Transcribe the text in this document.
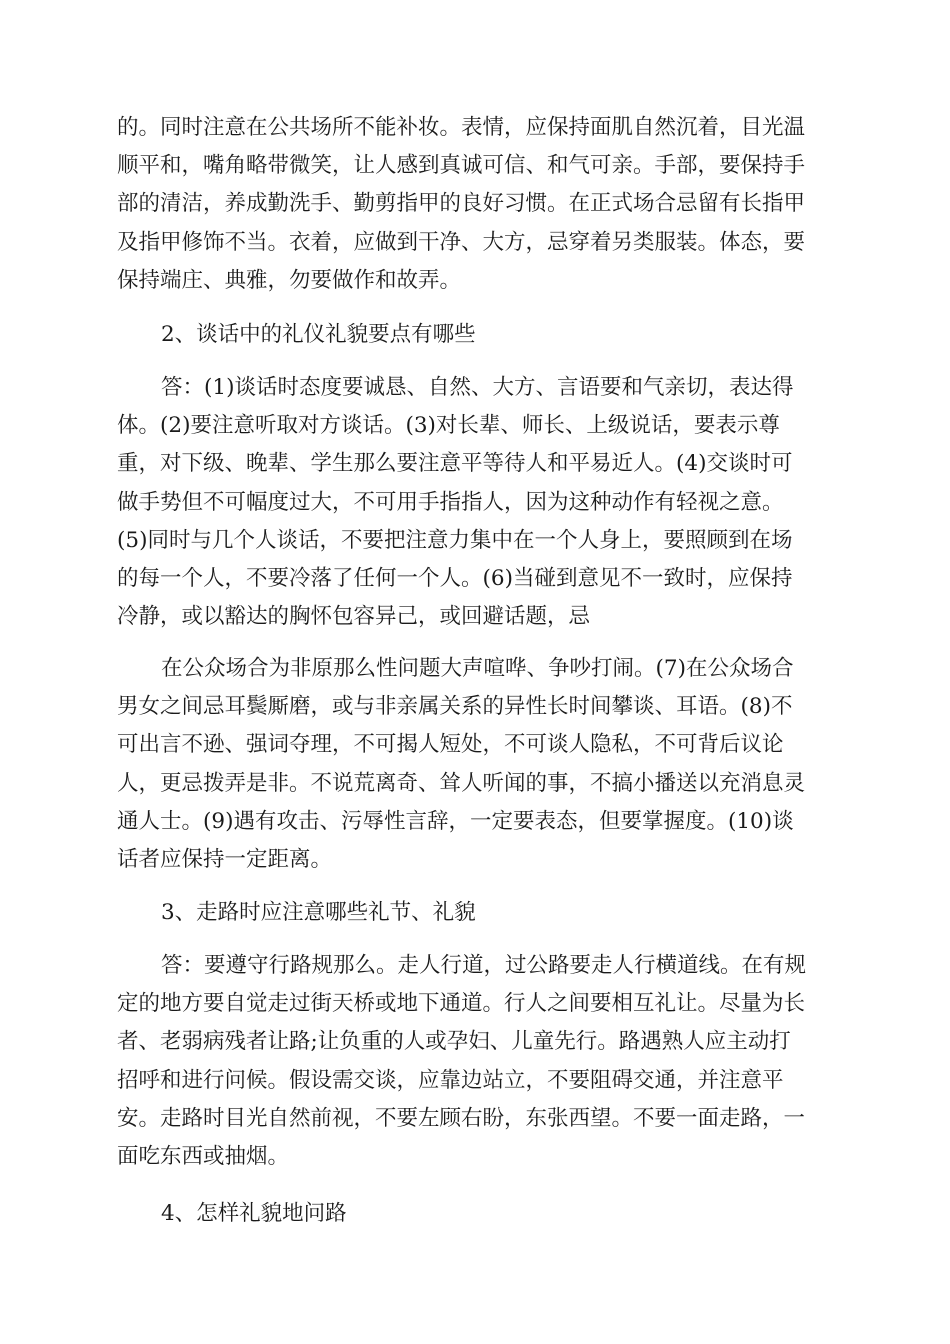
的。同时注意在公共场所不能补妆。表情，应保持面肌自然沉着，目光温
顺平和，嘴角略带微笑，让人感到真诚可信、和气可亲。手部，要保持手
部的清洁，养成勤洗手、勤剪指甲的良好习惯。在正式场合忌留有长指甲
及指甲修饰不当。衣着，应做到干净、大方，忌穿着另类服装。体态，要
保持端庄、典雅，勿要做作和故弄。
2、谈话中的礼仪礼貌要点有哪些
答：(1)谈话时态度要诚恳、自然、大方、言语要和气亲切，表达得
体。(2)要注意听取对方谈话。(3)对长辈、师长、上级说话，要表示尊
重，对下级、晚辈、学生那么要注意平等待人和平易近人。(4)交谈时可
做手势但不可幅度过大，不可用手指指人，因为这种动作有轻视之意。
(5)同时与几个人谈话，不要把注意力集中在一个人身上，要照顾到在场
的每一个人，不要冷落了任何一个人。(6)当碰到意见不一致时，应保持
冷静，或以豁达的胸怀包容异己，或回避话题，忌
在公众场合为非原那么性问题大声喧哗、争吵打闹。(7)在公众场合
男女之间忌耳鬓厮磨，或与非亲属关系的异性长时间攀谈、耳语。(8)不
可出言不逊、强词夺理，不可揭人短处，不可谈人隐私，不可背后议论
人，更忌拨弄是非。不说荒离奇、耸人听闻的事，不搞小播送以充消息灵
通人士。(9)遇有攻击、污辱性言辞，一定要表态，但要掌握度。(10)谈
话者应保持一定距离。
3、走路时应注意哪些礼节、礼貌
答：要遵守行路规那么。走人行道，过公路要走人行横道线。在有规
定的地方要自觉走过街天桥或地下通道。行人之间要相互礼让。尽量为长
者、老弱病残者让路;让负重的人或孕妇、儿童先行。路遇熟人应主动打
招呼和进行问候。假设需交谈，应靠边站立，不要阻碍交通，并注意平
安。走路时目光自然前视，不要左顾右盼，东张西望。不要一面走路，一
面吃东西或抽烟。
4、怎样礼貌地问路
